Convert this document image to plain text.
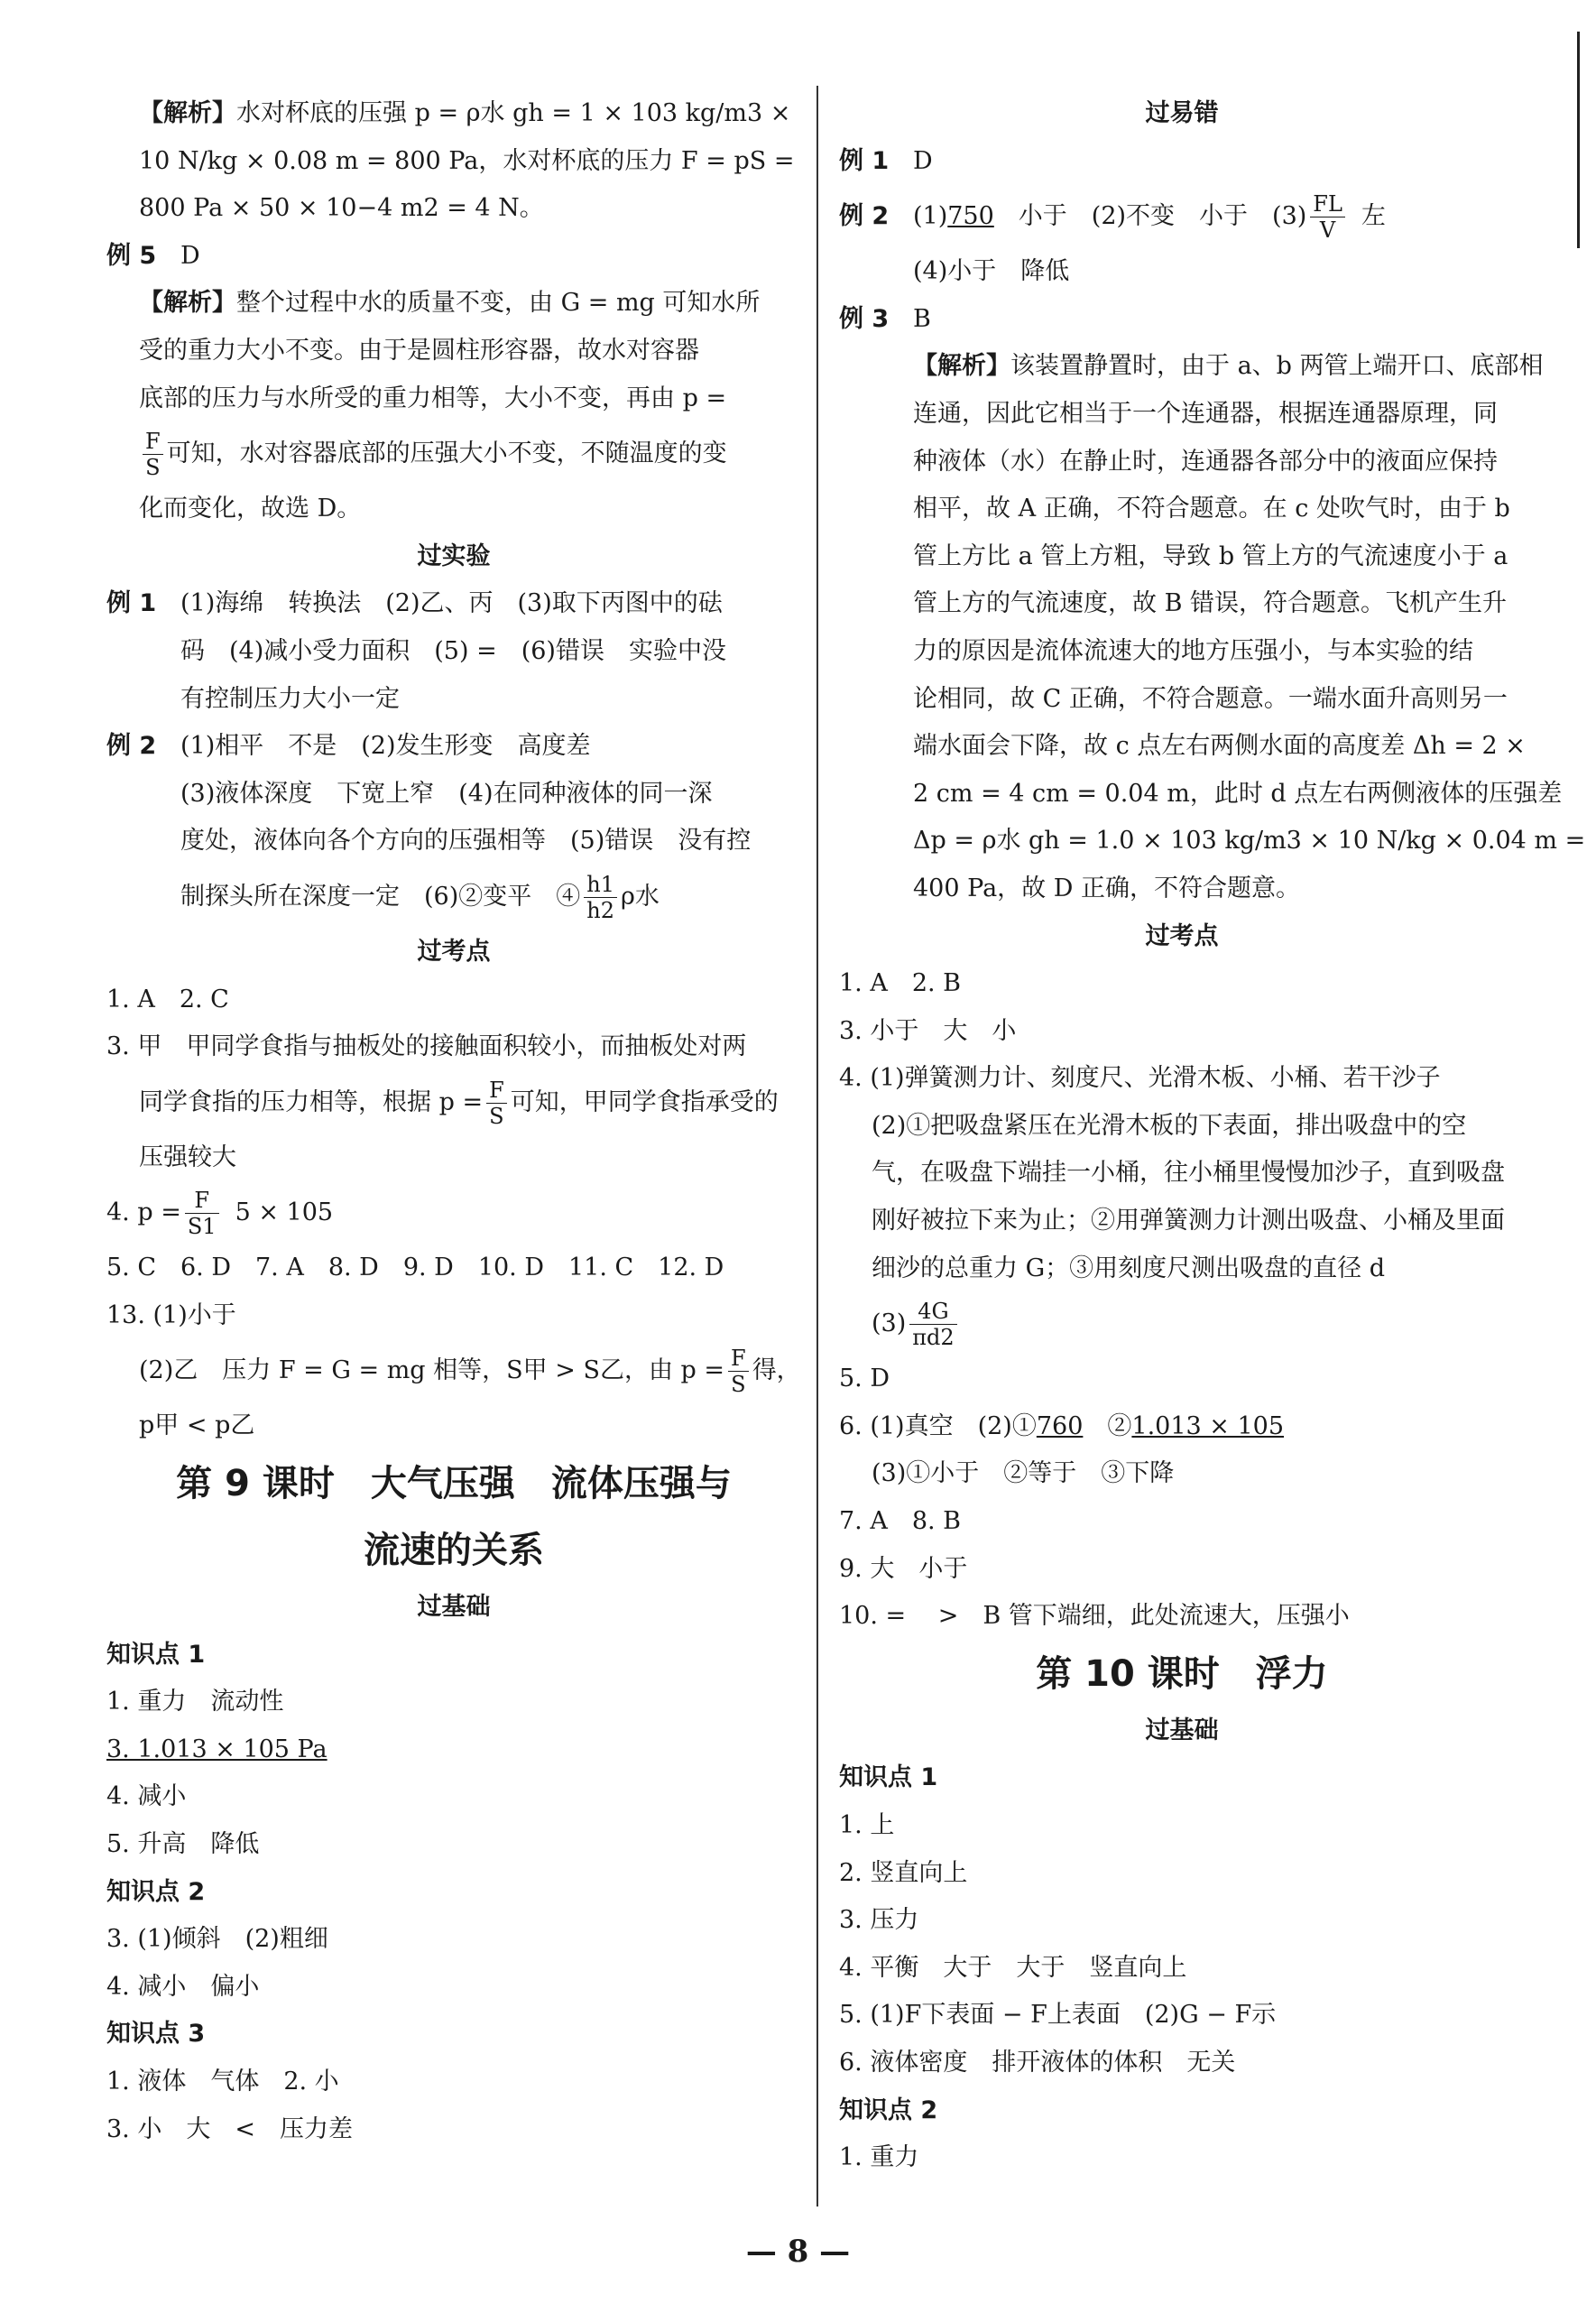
【解析】水对杯底的压强 p = ρ水 gh = 1 × 103 kg/m3 ×
10 N/kg × 0.08 m = 800 Pa，水对杯底的压力 F = pS =
800 Pa × 50 × 10−4 m2 = 4 N。
例 5 D
【解析】整个过程中水的质量不变，由 G = mg 可知水所
受的重力大小不变。由于是圆柱形容器，故水对容器
底部的压力与水所受的重力相等，大小不变，再由 p =
$\frac{F}{S}$ 可知，水对容器底部的压强大小不变，不随温度的变
化而变化，故选 D。
过实验
例 1 (1)海绵　转换法　(2)乙、丙　(3)取下丙图中的砝
码　(4)减小受力面积　(5) =　(6)错误　实验中没
有控制压力大小一定
例 2 (1)相平　不是　(2)发生形变　高度差
(3)液体深度　下宽上窄　(4)在同种液体的同一深
度处，液体向各个方向的压强相等　(5)错误　没有控
制探头所在深度一定　(6)②变平　④ $\frac{h1}{h2}$ ρ水
过考点
1. A　2. C
3. 甲　甲同学食指与抽板处的接触面积较小，而抽板处对两
同学食指的压力相等，根据 $p = \frac{F}{S}$ 可知，甲同学食指承受的
压强较大
4. $p = \frac{F}{S1} 5 \times 105$
5. C　6. D　7. A　8. D　9. D　10. D　11. C　12. D
13. (1)小于
(2)乙　压力 F = G = mg 相等，S甲 > S乙，由 $p = \frac{F}{S}$ 得，
p甲 < p乙
第 9 课时　大气压强　流体压强与
流速的关系
过基础
知识点 1
1. 重力　流动性
3. 1.013 × 105 Pa
4. 减小
5. 升高　降低
知识点 2
3. (1)倾斜　(2)粗细
4. 减小　偏小
知识点 3
1. 液体　气体　2. 小
3. 小　大　<　压力差
过易错
例 1 D
例 2 (1)750　小于　(2)不变　小于　$(3) \frac{FL}{V}$ 左
(4)小于　降低
例 3 B
【解析】该装置静置时，由于 a、b 两管上端开口、底部相
连通，因此它相当于一个连通器，根据连通器原理，同
种液体（水）在静止时，连通器各部分中的液面应保持
相平，故 A 正确，不符合题意。在 c 处吹气时，由于 b
管上方比 a 管上方粗，导致 b 管上方的气流速度小于 a
管上方的气流速度，故 B 错误，符合题意。飞机产生升
力的原因是流体流速大的地方压强小，与本实验的结
论相同，故 C 正确，不符合题意。一端水面升高则另一
端水面会下降，故 c 点左右两侧水面的高度差 Δh = 2 ×
2 cm = 4 cm = 0.04 m，此时 d 点左右两侧液体的压强差
Δp = ρ水 gh = 1.0 × 103 kg/m3 × 10 N/kg × 0.04 m =
400 Pa，故 D 正确，不符合题意。
过考点
1. A　2. B
3. 小于　大　小
4. (1)弹簧测力计、刻度尺、光滑木板、小桶、若干沙子
(2)①把吸盘紧压在光滑木板的下表面，排出吸盘中的空
气，在吸盘下端挂一小桶，往小桶里慢慢加沙子，直到吸盘
刚好被拉下来为止；②用弹簧测力计测出吸盘、小桶及里面
细沙的总重力 G；③用刻度尺测出吸盘的直径 d
$(3) \frac{4G}{\pi d2}$
5. D
6. (1)真空　(2)①760　②1.013 × 105
(3)①小于　②等于　③下降
7. A　8. B
9. 大　小于
10. =　 >　B 管下端细，此处流速大，压强小
第 10 课时　浮力
过基础
知识点 1
1. 上
2. 竖直向上
3. 压力
4. 平衡　大于　大于　竖直向上
5. (1)F下表面 − F上表面　(2)G − F示
6. 液体密度　排开液体的体积　无关
知识点 2
1. 重力
— 8 —
